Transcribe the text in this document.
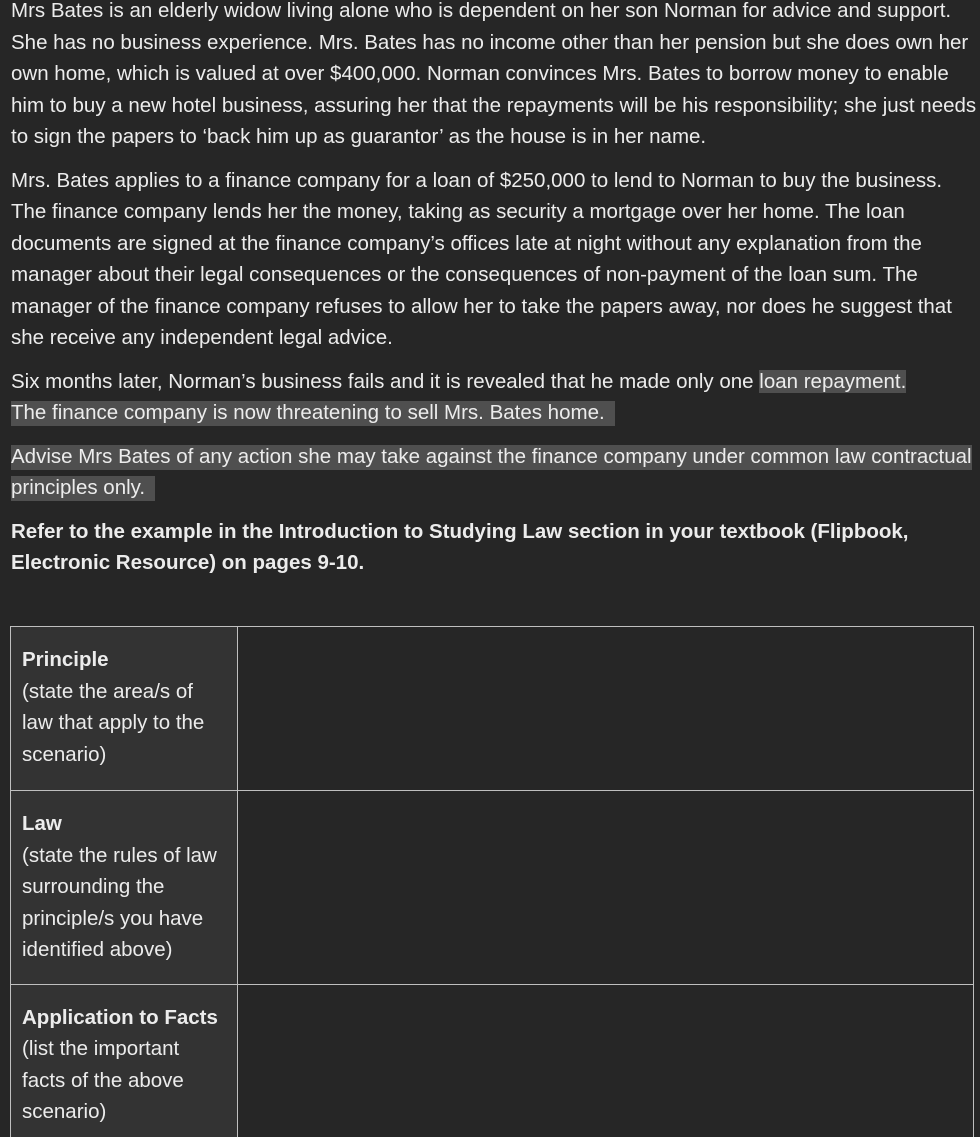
Mrs Bates is an elderly widow living alone who is dependent on her son Norman for advice and support. She has no business experience. Mrs. Bates has no income other than her pension but she does own her own home, which is valued at over $400,000. Norman convinces Mrs. Bates to borrow money to enable him to buy a new hotel business, assuring her that the repayments will be his responsibility; she just needs to sign the papers to ‘back him up as guarantor’ as the house is in her name.

Mrs. Bates applies to a finance company for a loan of $250,000 to lend to Norman to buy the business. The finance company lends her the money, taking as security a mortgage over her home. The loan documents are signed at the finance company’s offices late at night without any explanation from the manager about their legal consequences or the consequences of non-payment of the loan sum. The manager of the finance company refuses to allow her to take the papers away, nor does he suggest that she receive any independent legal advice.

Six months later, Norman’s business fails and it is revealed that he made only one loan repayment.
The finance company is now threatening to sell Mrs. Bates home.

Advise Mrs Bates of any action she may take against the finance company under common law contractual principles only.

Refer to the example in the Introduction to Studying Law section in your textbook (Flipbook, Electronic Resource) on pages 9-10.

Principle
(state the area/s of law that apply to the scenario)	

Law
(state the rules of law surrounding the principle/s you have identified above)	

Application to Facts
(list the important facts of the above scenario)	
